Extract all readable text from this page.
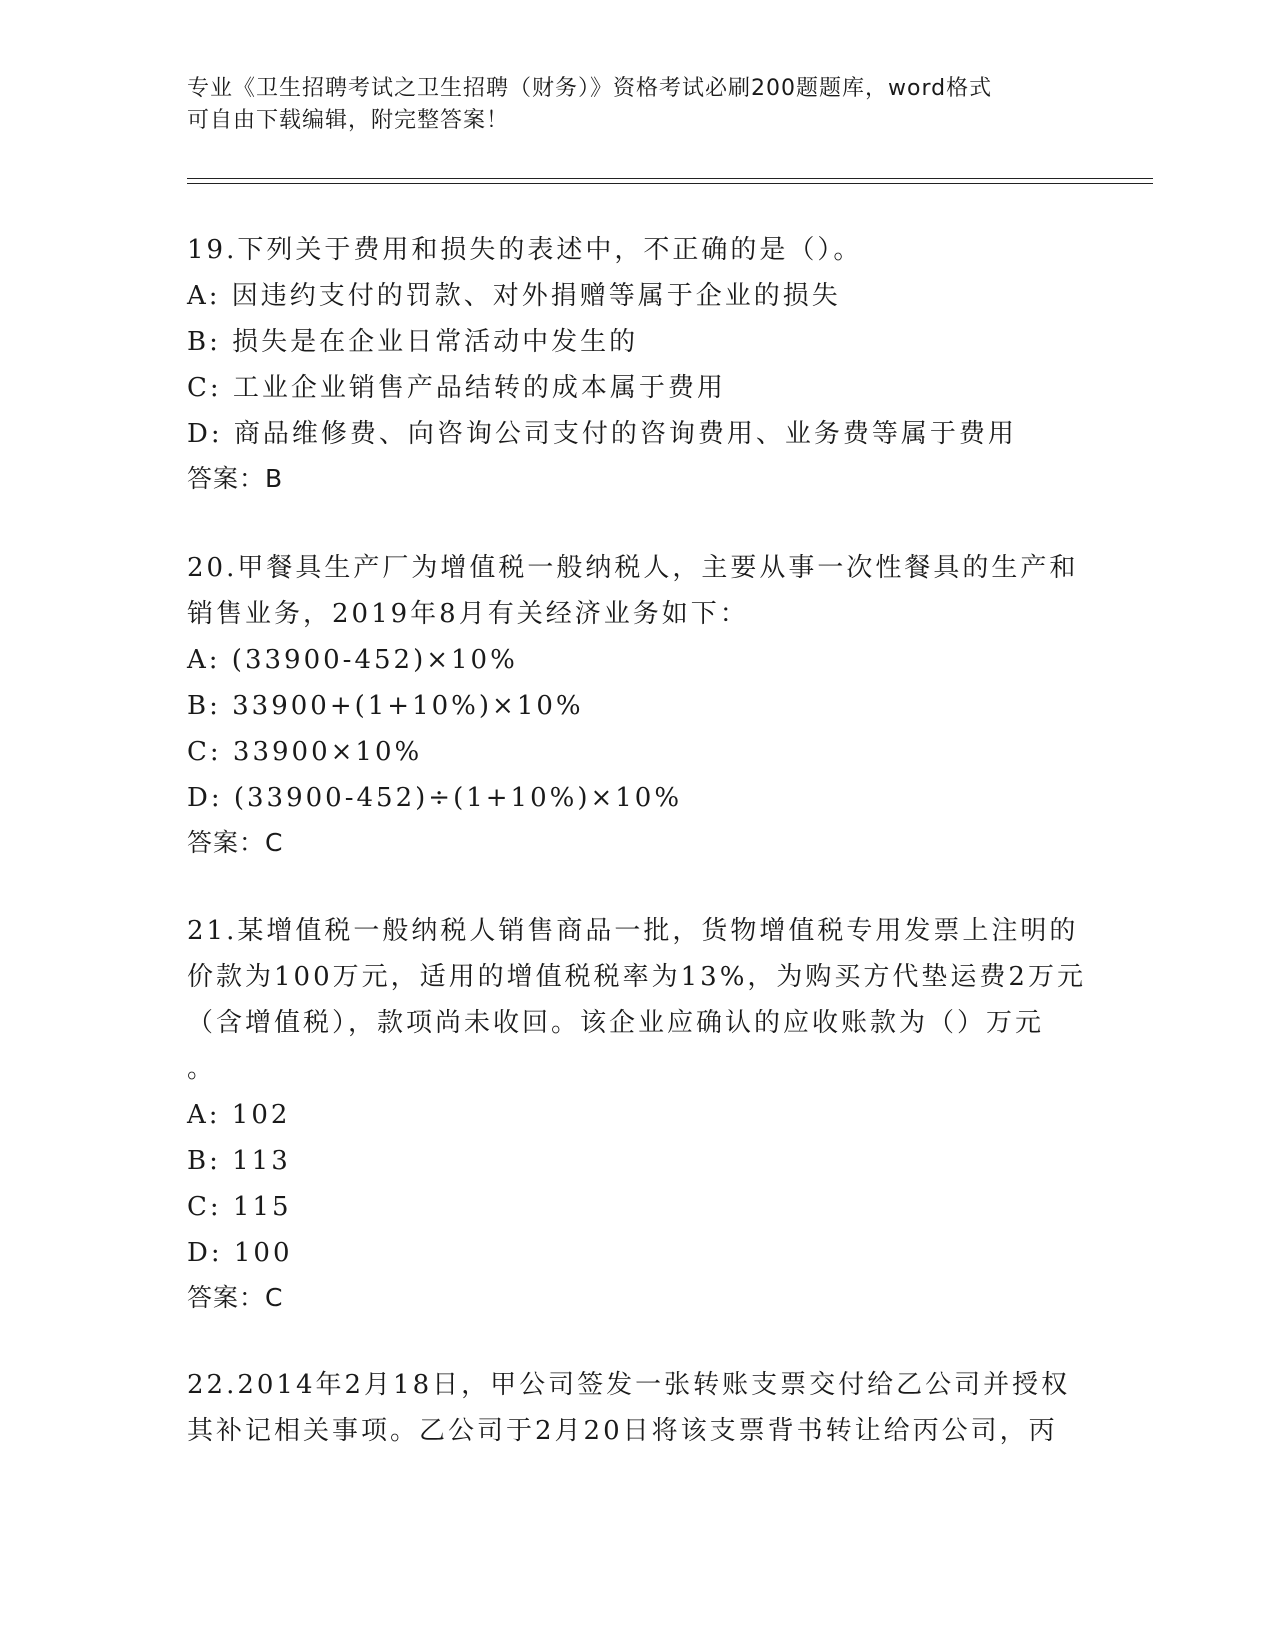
专业《卫生招聘考试之卫生招聘（财务）》资格考试必刷200题题库，word格式
可自由下载编辑，附完整答案！
19.下列关于费用和损失的表述中，不正确的是（）。
A: 因违约支付的罚款、对外捐赠等属于企业的损失
B: 损失是在企业日常活动中发生的
C: 工业企业销售产品结转的成本属于费用
D: 商品维修费、向咨询公司支付的咨询费用、业务费等属于费用
答案：B
20.甲餐具生产厂为增值税一般纳税人，主要从事一次性餐具的生产和
销售业务，2019年8月有关经济业务如下：
A: (33900-452)×10%
B: 33900+(1+10%)×10%
C: 33900×10%
D: (33900-452)÷(1+10%)×10%
答案：C
21.某增值税一般纳税人销售商品一批，货物增值税专用发票上注明的
价款为100万元，适用的增值税税率为13%，为购买方代垫运费2万元
（含增值税），款项尚未收回。该企业应确认的应收账款为（）万元
。
A: 102
B: 113
C: 115
D: 100
答案：C
22.2014年2月18日，甲公司签发一张转账支票交付给乙公司并授权
其补记相关事项。乙公司于2月20日将该支票背书转让给丙公司，丙
